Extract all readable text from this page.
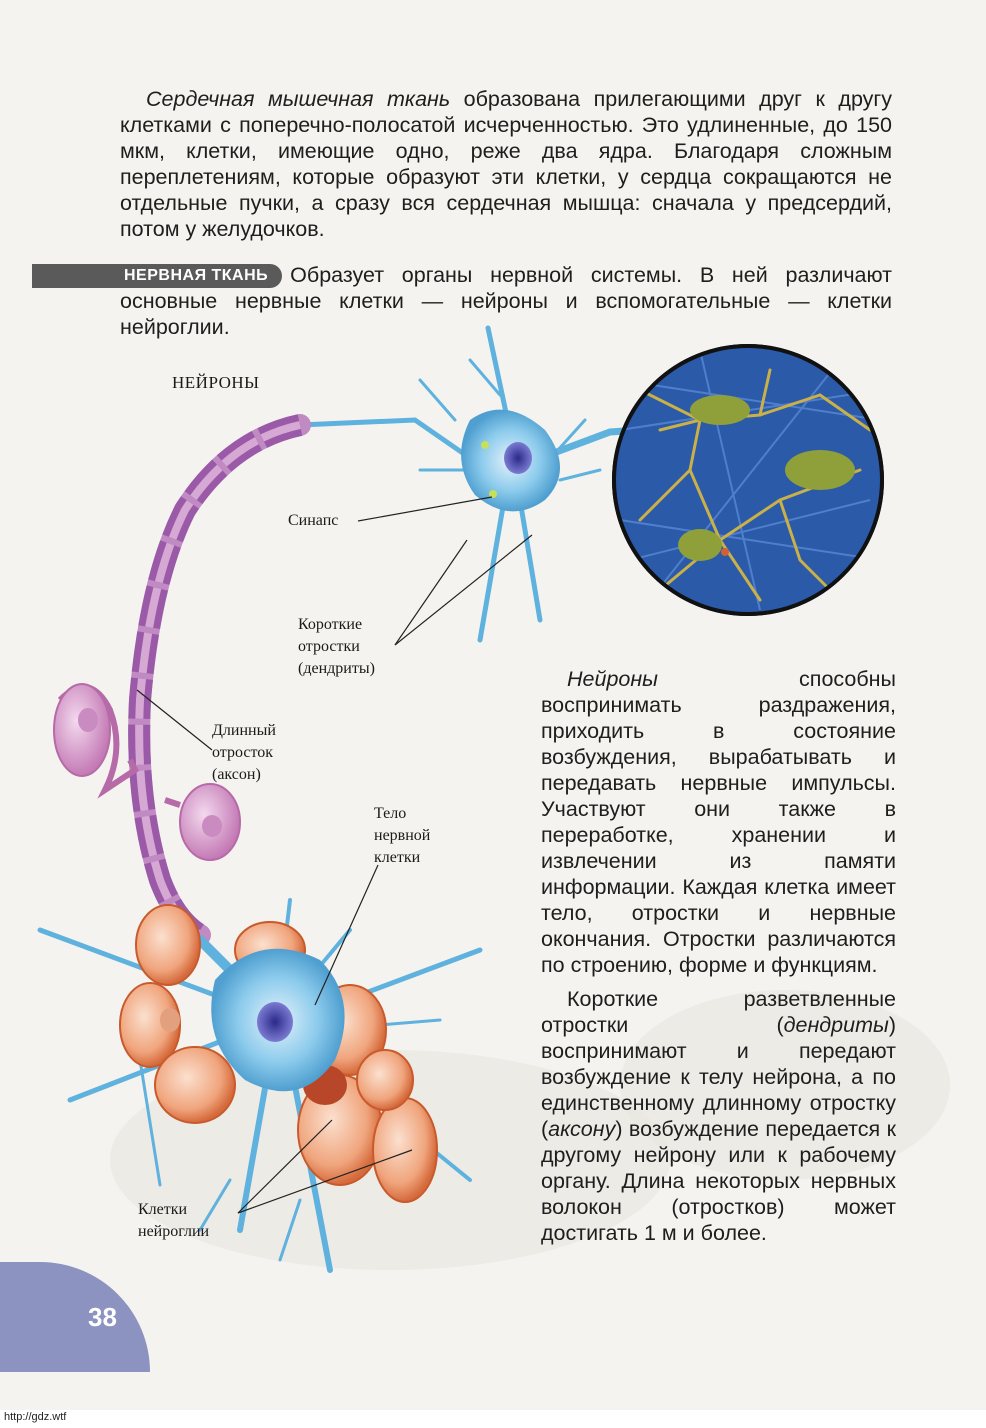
Сердечная мышечная ткань образована прилегающими друг к другу клетками с поперечно-полосатой исчерченностью. Это удлиненные, до 150 мкм, клетки, имеющие одно, реже два ядра. Благодаря сложным переплетениям, которые образуют эти клетки, у сердца сокращаются не отдельные пучки, а сразу вся сердечная мышца: сначала у предсердий, потом у желудочков.

НЕРВНАЯ ТКАНЬ Образует органы нервной системы. В ней различают основные нервные клетки — нейроны и вспомогательные — клетки нейроглии.

НЕЙРОНЫ
Синапс
Короткие
отростки
(дендриты)
Длинный
отросток
(аксон)
Тело
нервной
клетки
Клетки
нейроглии

Нейроны способны воспринимать раздражения, приходить в состояние возбуждения, вырабатывать и передавать нервные импульсы. Участвуют они также в переработке, хранении и извлечении из памяти информации. Каждая клетка имеет тело, отростки и нервные окончания. Отростки различаются по строению, форме и функциям.

Короткие разветвленные отростки (дендриты) воспринимают и передают возбуждение к телу нейрона, а по единственному длинному отростку (аксону) возбуждение передается к другому нейрону или к рабочему органу. Длина некоторых нервных волокон (отростков) может достигать 1 м и более.

38
http://gdz.wtf
